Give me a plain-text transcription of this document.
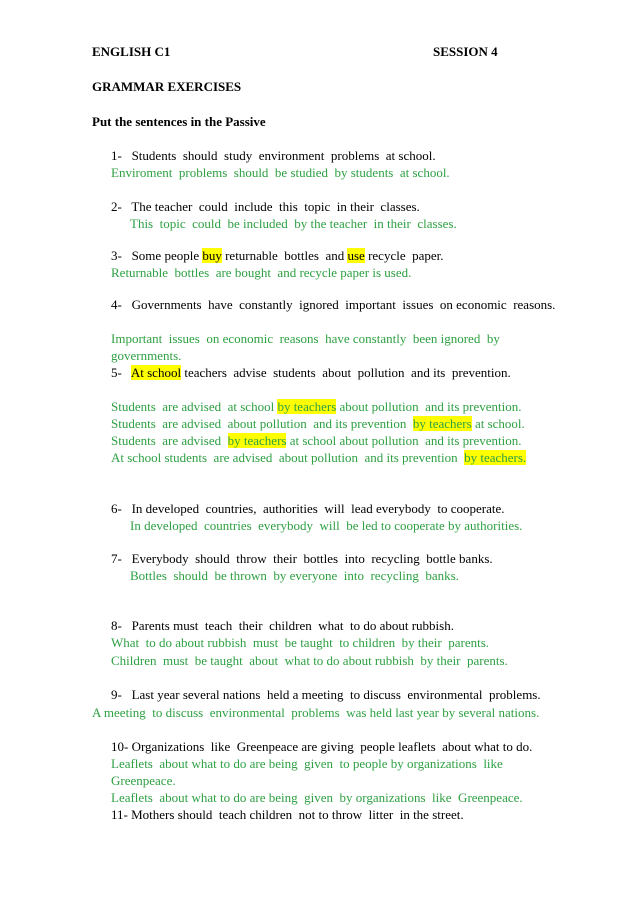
ENGLISH C1	SESSION 4
GRAMMAR EXERCISES
Put the sentences in the Passive
1-   Students  should  study  environment  problems  at school.
Enviroment  problems  should  be studied  by students  at school.
2-   The teacher  could  include  this  topic  in their  classes.
This  topic  could  be included  by the teacher  in their  classes.
3-   Some people buy returnable  bottles  and use recycle  paper.
Returnable  bottles  are bought  and recycle paper is used.
4-   Governments  have  constantly  ignored  important  issues  on economic  reasons.
Important  issues  on economic  reasons  have constantly  been ignored  by
governments.
5-   At school teachers  advise  students  about  pollution  and its  prevention.
Students  are advised  at school by teachers about pollution  and its prevention.
Students  are advised  about pollution  and its prevention  by teachers at school.
Students  are advised  by teachers at school about pollution  and its prevention.
At school students  are advised  about pollution  and its prevention  by teachers.
6-   In developed  countries,  authorities  will  lead everybody  to cooperate.
In developed  countries  everybody  will  be led to cooperate by authorities.
7-   Everybody  should  throw  their  bottles  into  recycling  bottle banks.
Bottles  should  be thrown  by everyone  into  recycling  banks.
8-   Parents must  teach  their  children  what  to do about rubbish.
What  to do about rubbish  must  be taught  to children  by their  parents.
Children  must  be taught  about  what to do about rubbish  by their  parents.
9-   Last year several nations  held a meeting  to discuss  environmental  problems.
A meeting  to discuss  environmental  problems  was held last year by several nations.
10- Organizations  like  Greenpeace are giving  people leaflets  about what to do.
Leaflets  about what to do are being  given  to people by organizations  like
Greenpeace.
Leaflets  about what to do are being  given  by organizations  like  Greenpeace.
11- Mothers should  teach children  not to throw  litter  in the street.
